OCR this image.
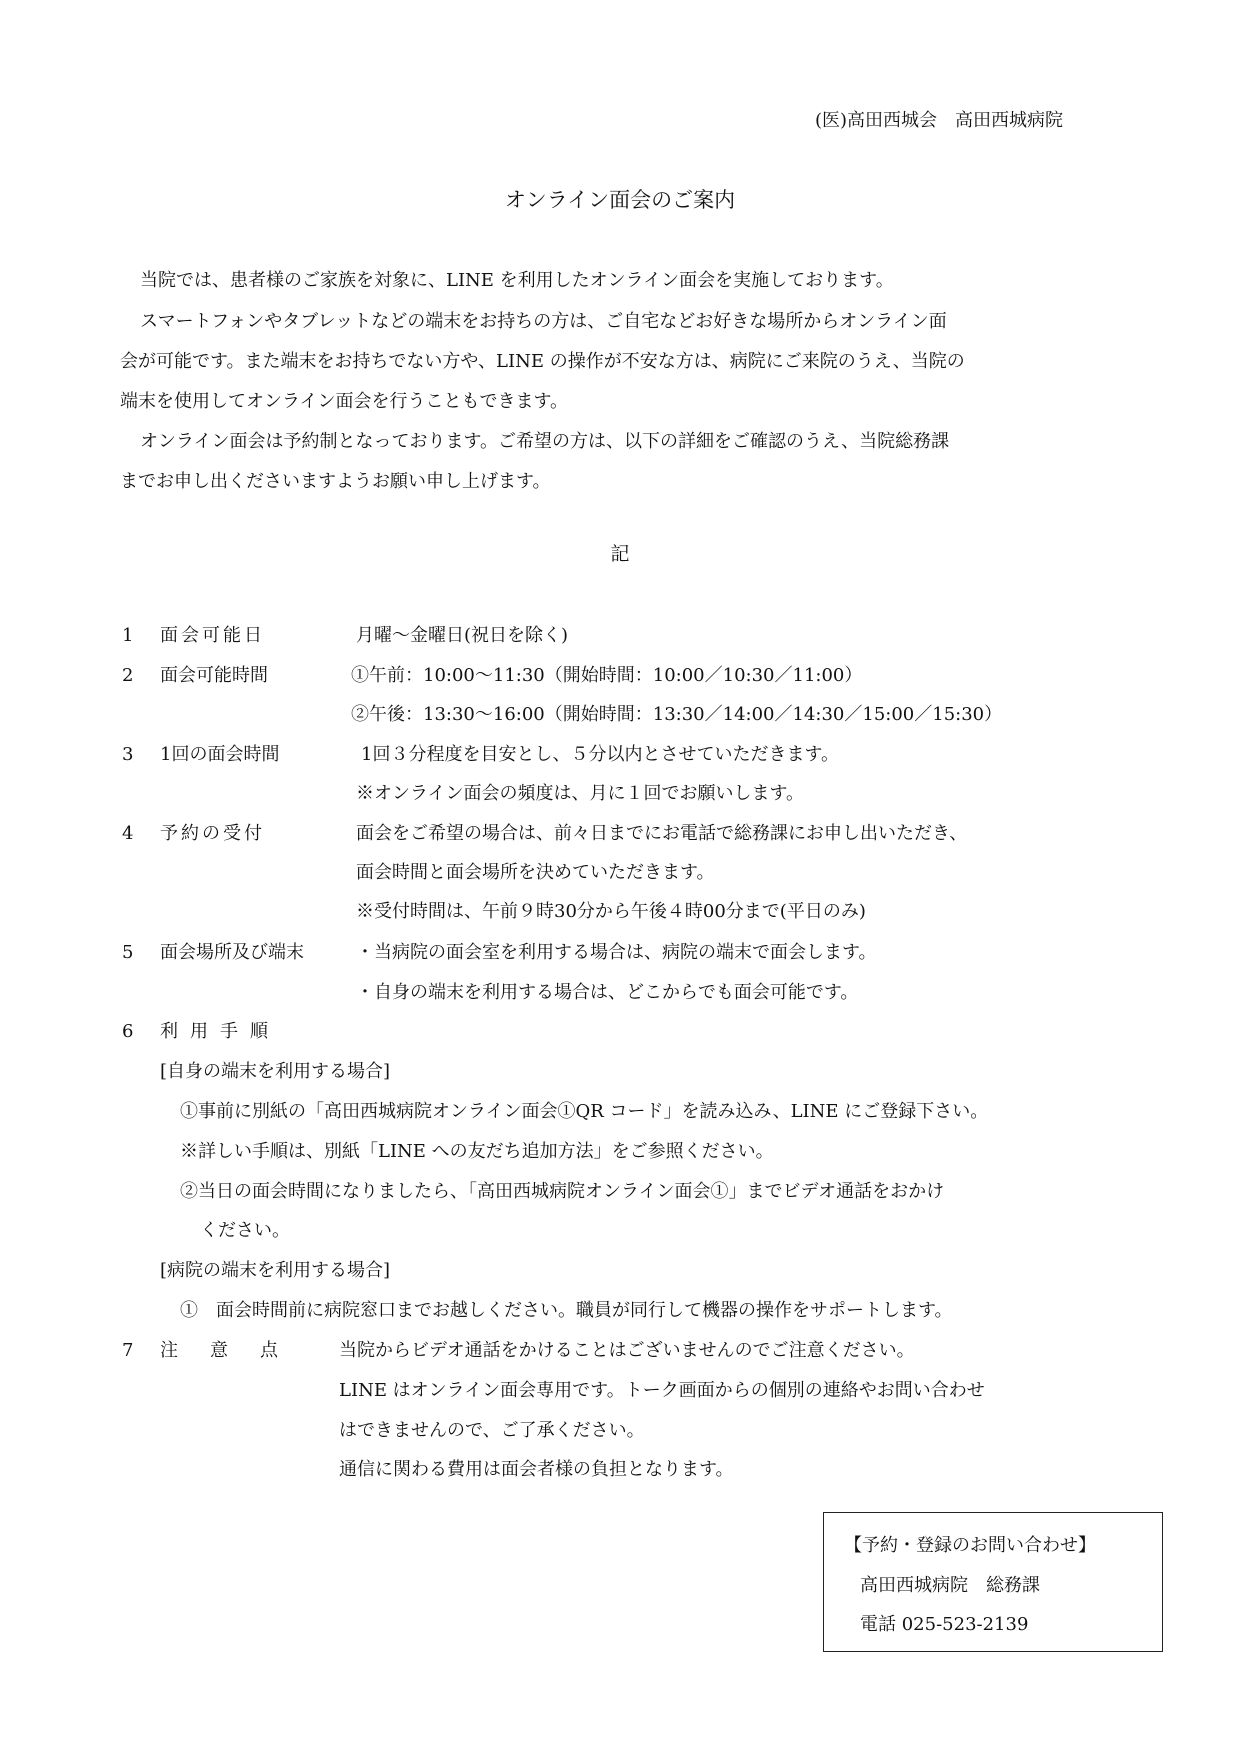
(医)高田西城会　高田西城病院
オンライン面会のご案内
当院では、患者様のご家族を対象に、LINE を利用したオンライン面会を実施しております。
スマートフォンやタブレットなどの端末をお持ちの方は、ご自宅などお好きな場所からオンライン面
会が可能です。また端末をお持ちでない方や、LINE の操作が不安な方は、病院にご来院のうえ、当院の
端末を使用してオンライン面会を行うこともできます。
オンライン面会は予約制となっております。ご希望の方は、以下の詳細をご確認のうえ、当院総務課
までお申し出くださいますようお願い申し上げます。
記
1 面会可能日	月曜～金曜日(祝日を除く)
2 面会可能時間	①午前：10:00～11:30（開始時間：10:00／10:30／11:00）
②午後：13:30～16:00（開始時間：13:30／14:00／14:30／15:00／15:30）
3 1回の面会時間	1回３分程度を目安とし、５分以内とさせていただきます。
※オンライン面会の頻度は、月に１回でお願いします。
4 予約の受付	面会をご希望の場合は、前々日までにお電話で総務課にお申し出いただき、
面会時間と面会場所を決めていただきます。
※受付時間は、午前９時30分から午後４時00分まで(平日のみ)
5 面会場所及び端末	・当病院の面会室を利用する場合は、病院の端末で面会します。
・自身の端末を利用する場合は、どこからでも面会可能です。
6 利用手順
[自身の端末を利用する場合]
①事前に別紙の「高田西城病院オンライン面会①QR コード」を読み込み、LINE にご登録下さい。
※詳しい手順は、別紙「LINE への友だち追加方法」をご参照ください。
②当日の面会時間になりましたら、「高田西城病院オンライン面会①」までビデオ通話をおかけ
ください。
[病院の端末を利用する場合]
①　面会時間前に病院窓口までお越しください。職員が同行して機器の操作をサポートします。
7 注意点 当院からビデオ通話をかけることはございませんのでご注意ください。
LINE はオンライン面会専用です。トーク画面からの個別の連絡やお問い合わせ
はできませんので、ご了承ください。
通信に関わる費用は面会者様の負担となります。
【予約・登録のお問い合わせ】
高田西城病院　総務課
電話 025-523-2139
